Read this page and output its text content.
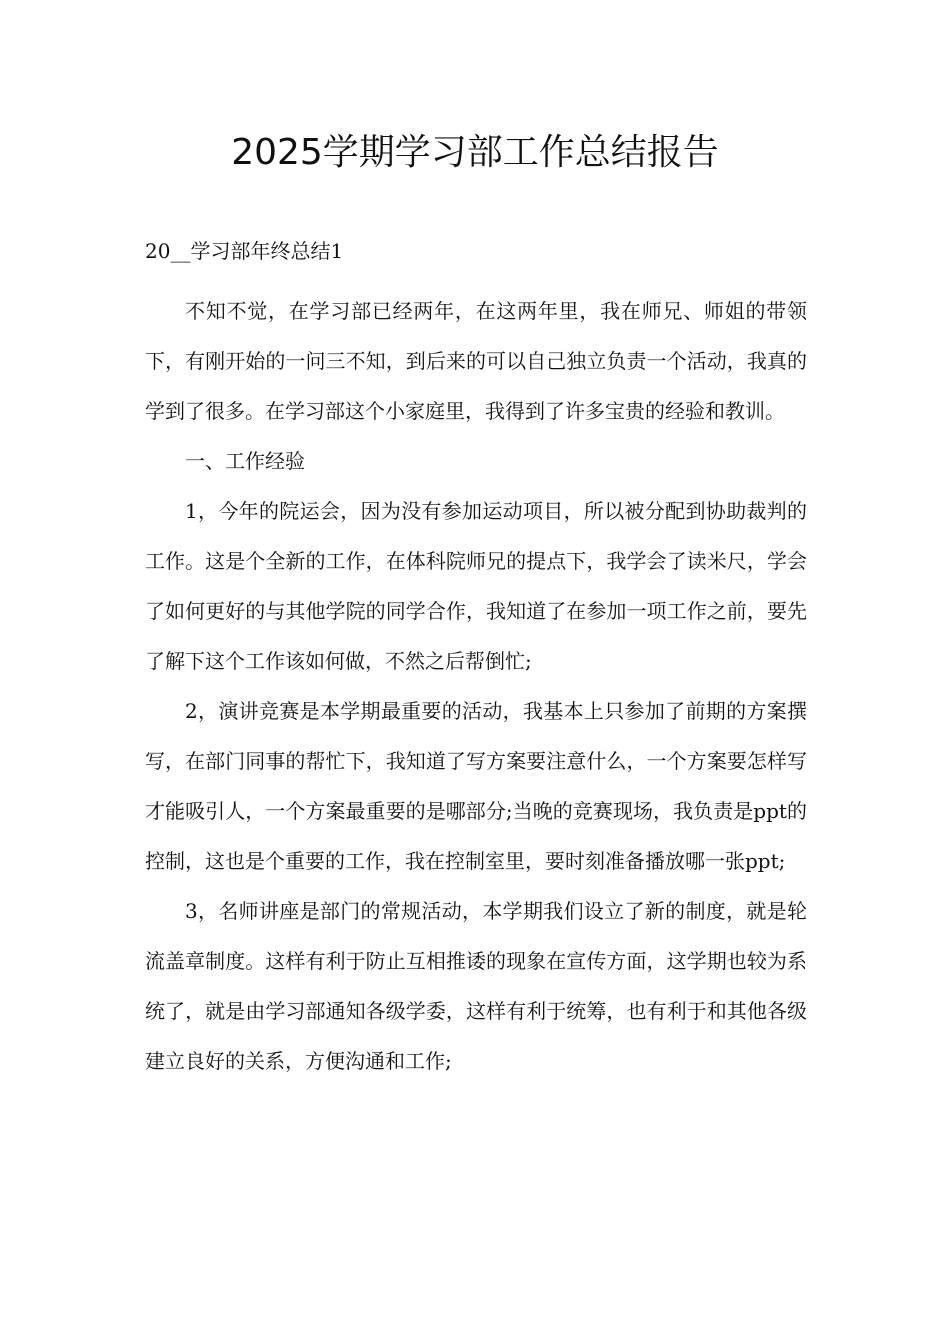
2025学期学习部工作总结报告

20__学习部年终总结1

不知不觉，在学习部已经两年，在这两年里，我在师兄、师姐的带领下，有刚开始的一问三不知，到后来的可以自己独立负责一个活动，我真的学到了很多。在学习部这个小家庭里，我得到了许多宝贵的经验和教训。

一、工作经验

1，今年的院运会，因为没有参加运动项目，所以被分配到协助裁判的工作。这是个全新的工作，在体科院师兄的提点下，我学会了读米尺，学会了如何更好的与其他学院的同学合作，我知道了在参加一项工作之前，要先了解下这个工作该如何做，不然之后帮倒忙;

2，演讲竞赛是本学期最重要的活动，我基本上只参加了前期的方案撰写，在部门同事的帮忙下，我知道了写方案要注意什么，一个方案要怎样写才能吸引人，一个方案最重要的是哪部分;当晚的竞赛现场，我负责是ppt的控制，这也是个重要的工作，我在控制室里，要时刻准备播放哪一张ppt;

3，名师讲座是部门的常规活动，本学期我们设立了新的制度，就是轮流盖章制度。这样有利于防止互相推诿的现象在宣传方面，这学期也较为系统了，就是由学习部通知各级学委，这样有利于统筹，也有利于和其他各级建立良好的关系，方便沟通和工作;
